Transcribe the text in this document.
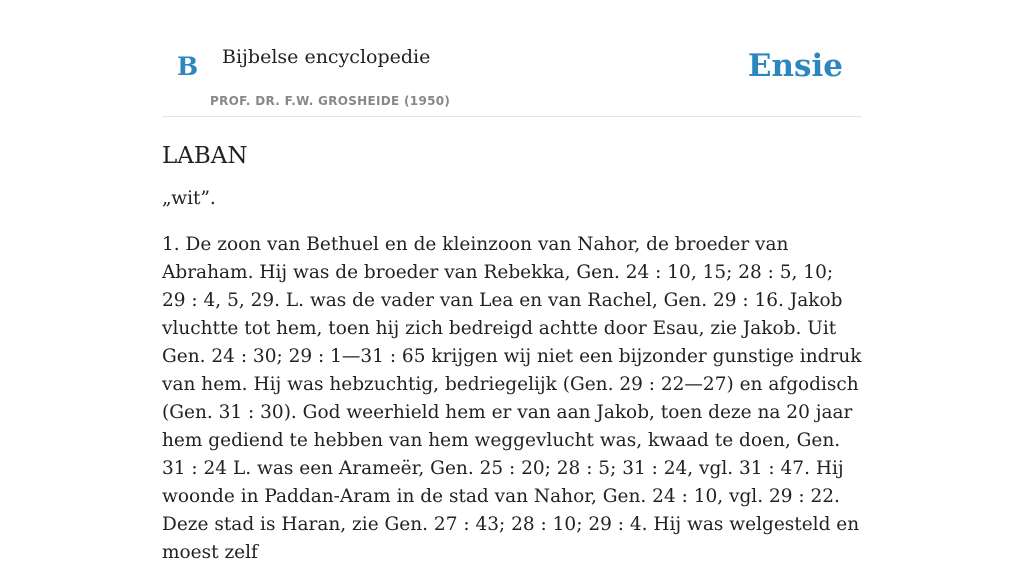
B Bijbelse encyclopedie
PROF. DR. F.W. GROSHEIDE (1950)
Ensie
LABAN

„wit”.

1. De zoon van Bethuel en de kleinzoon van Nahor, de broeder van Abraham. Hij was de broeder van Rebekka, Gen. 24 : 10, 15; 28 : 5, 10; 29 : 4, 5, 29. L. was de vader van Lea en van Rachel, Gen. 29 : 16. Jakob vluchtte tot hem, toen hij zich bedreigd achtte door Esau, zie Jakob. Uit Gen. 24 : 30; 29 : 1—31 : 65 krijgen wij niet een bijzonder gunstige indruk van hem. Hij was hebzuchtig, bedriegelijk (Gen. 29 : 22—27) en afgodisch (Gen. 31 : 30). God weerhield hem er van aan Jakob, toen deze na 20 jaar hem gediend te hebben van hem weggevlucht was, kwaad te doen, Gen. 31 : 24 L. was een Arameër, Gen. 25 : 20; 28 : 5; 31 : 24, vgl. 31 : 47. Hij woonde in Paddan-Aram in de stad van Nahor, Gen. 24 : 10, vgl. 29 : 22. Deze stad is Haran, zie Gen. 27 : 43; 28 : 10; 29 : 4. Hij was welgesteld en moest zelf
